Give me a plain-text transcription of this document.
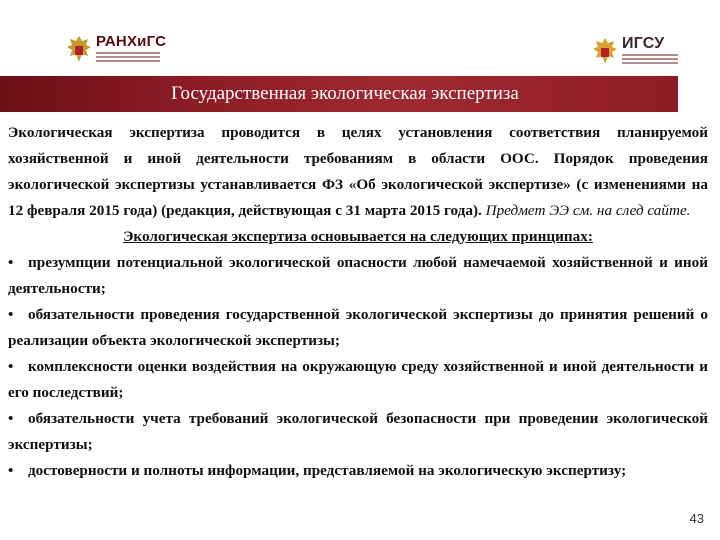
РАНХиГС	ИГСУ
Государственная экологическая экспертиза

Экологическая экспертиза проводится в целях установления соответствия планируемой хозяйственной и иной деятельности требованиям в области ООС. Порядок проведения экологической экспертизы устанавливается ФЗ «Об экологической экспертизе» (с изменениями на 12 февраля 2015 года) (редакция, действующая с 31 марта 2015 года). Предмет ЭЭ см. на след сайте.

Экологическая экспертиза основывается на следующих принципах:

• презумпции потенциальной экологической опасности любой намечаемой хозяйственной и иной деятельности;

• обязательности проведения государственной экологической экспертизы до принятия решений о реализации объекта экологической экспертизы;

• комплексности оценки воздействия на окружающую среду хозяйственной и иной деятельности и его последствий;

• обязательности учета требований экологической безопасности при проведении экологической экспертизы;

• достоверности и полноты информации, представляемой на экологическую экспертизу;

43
